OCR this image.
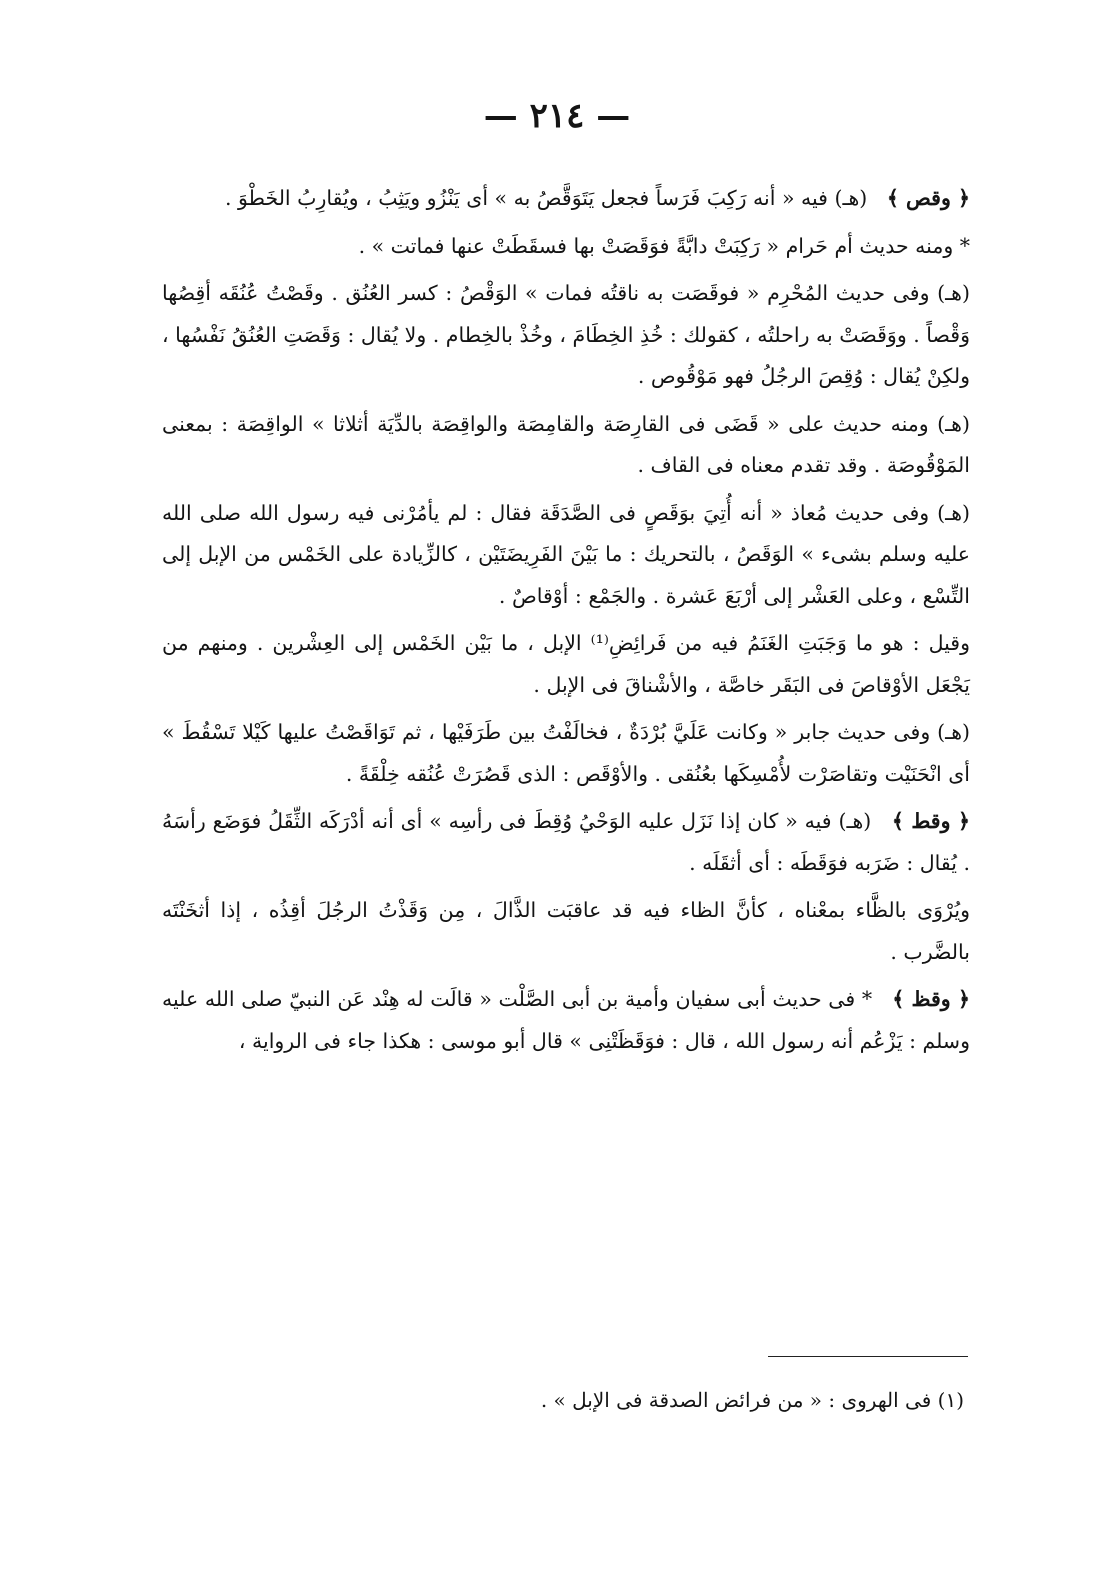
— ٢١٤ —

﴿ وقص ﴾   (هـ) فيه « أنه رَكِبَ فَرَساً فجعل يَتَوَقَّصُ به » أى يَنْزُو ويَثِبُ ، ويُقارِبُ الخَطْوَ .

* ومنه حديث أم حَرام « رَكِبَتْ دابَّةً فوَقَصَتْ بها فسقَطَتْ عنها فماتت » .

(هـ) وفى حديث المُحْرِم « فوقَصَت به ناقتُه فمات » الوَقْصُ : كسر العُنُق . وقَصْتُ عُنُقَه أقِصُها وَقْصاً . ووَقَصَتْ به راحلتُه ، كقولك : خُذِ الخِطَامَ ، وخُذْ بالخِطام . ولا يُقال : وَقَصَتِ العُنُقُ نَفْسُها ، ولكِنْ يُقال : وُقِصَ الرجُلُ فهو مَوْقُوص .

(هـ) ومنه حديث على « قَضَى فى القارِصَة والقامِصَة والواقِصَة بالدِّيَة أثلاثا » الواقِصَة : بمعنى المَوْقُوصَة . وقد تقدم معناه فى القاف .

(هـ) وفى حديث مُعاذ « أنه أُتِيَ بوَقَصٍ فى الصَّدَقَة فقال : لم يأمُرْنى فيه رسول الله صلى الله عليه وسلم بشىء » الوَقَصُ ، بالتحريك : ما بَيْنَ الفَرِيضَتَيْن ، كالزِّيادة على الخَمْس من الإبل إلى التِّسْع ، وعلى العَشْر إلى أرْبَعَ عَشرة . والجَمْع : أوْقاصٌ .

وقيل : هو ما وَجَبَتِ الغَنَمُ فيه من فَرائِضِ⁽¹⁾ الإبل ، ما بَيْن الخَمْس إلى العِشْرين . ومنهم من يَجْعَل الأوْقاصَ فى البَقَر خاصَّة ، والأشْناقَ فى الإبل .

(هـ) وفى حديث جابر « وكانت عَلَيَّ بُرْدَةٌ ، فخالَفْتُ بين طَرَفَيْها ، ثم تَوَاقَصْتُ عليها كَيْلا تَسْقُطَ » أى انْحَنَيْت وتقاصَرْت لأُمْسِكَها بعُنُقى . والأوْقَص : الذى قَصُرَتْ عُنُقه خِلْقَةً .

﴿ وقط ﴾   (هـ) فيه « كان إذا نَزَل عليه الوَحْيُ وُقِطَ فى رأسِه » أى أنه أدْرَكَه الثِّقَلُ فوَضَع رأسَهُ . يُقال : ضَرَبه فوَقَطَه : أى أثقَلَه .

ويُرْوَى بالظَّاء بمعْناه ، كأنَّ الظاء فيه قد عاقبَت الذَّالَ ، مِن وَقَذْتُ الرجُلَ أقِذُه ، إذا أثخَنْتَه بالضَّرب .

﴿ وقظ ﴾   * فى حديث أبى سفيان وأمية بن أبى الصَّلْت « قالَت له هِنْد عَن النبيّ صلى الله عليه وسلم : يَزْعُم أنه رسول الله ، قال : فوَقَظَتْنِى » قال أبو موسى : هكذا جاء فى الرواية ،

(١) فى الهروى : « من فرائض الصدقة فى الإبل » .
